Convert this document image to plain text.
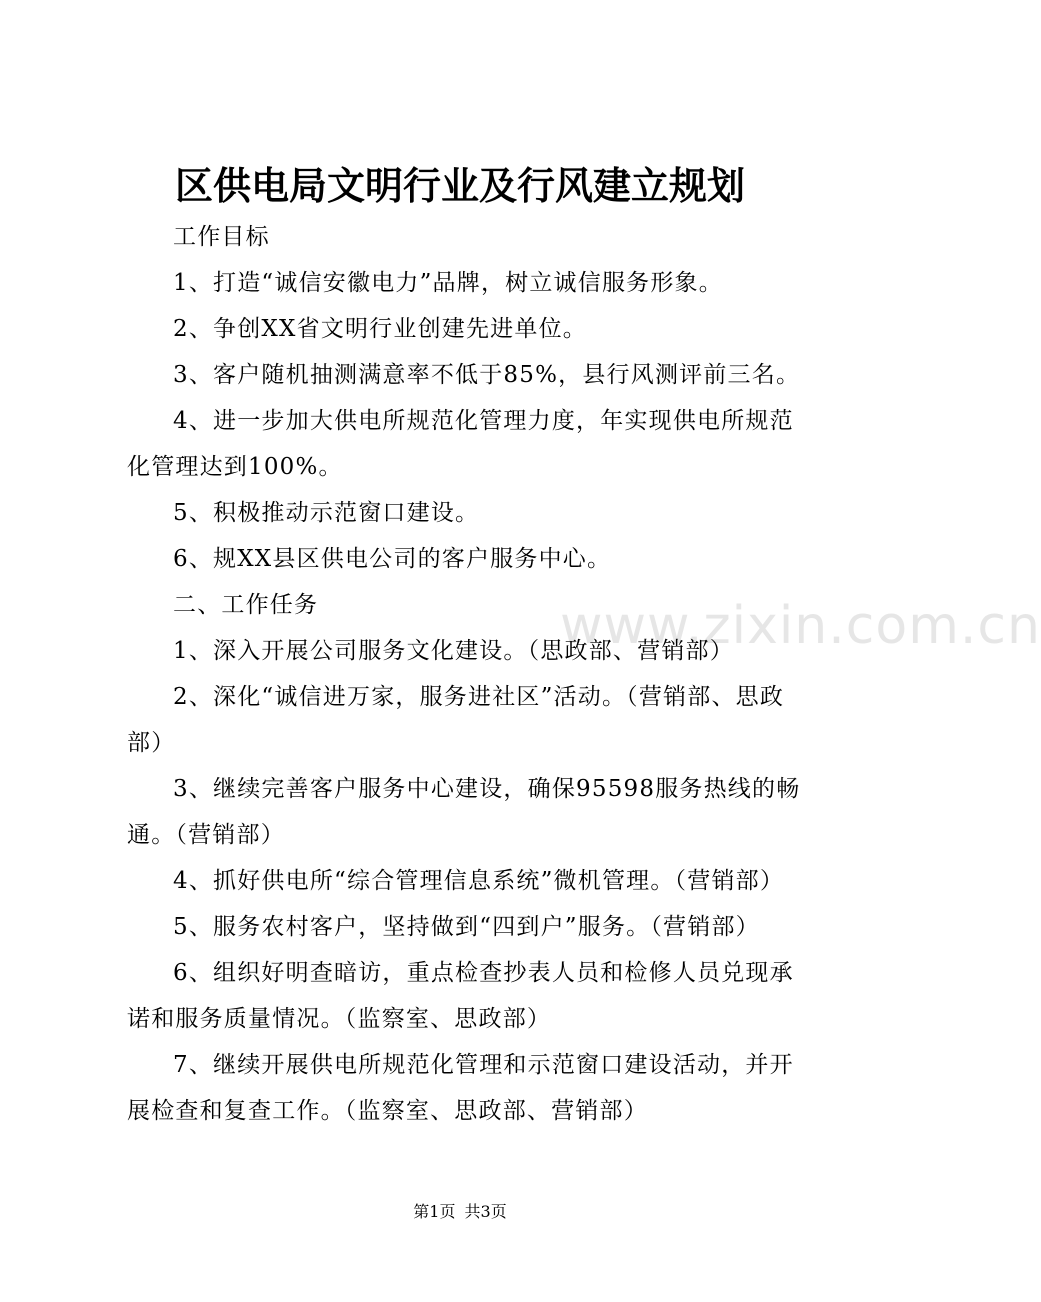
www.zixin.com.cn
区供电局文明行业及行风建立规划

工作目标

1、打造“诚信安徽电力”品牌，树立诚信服务形象。

2、争创XX省文明行业创建先进单位。

3、客户随机抽测满意率不低于85%，县行风测评前三名。

4、进一步加大供电所规范化管理力度，年实现供电所规范化管理达到100%。

5、积极推动示范窗口建设。

6、规XX县区供电公司的客户服务中心。

二、工作任务

1、深入开展公司服务文化建设。（思政部、营销部）

2、深化“诚信进万家，服务进社区”活动。（营销部、思政部）

3、继续完善客户服务中心建设，确保95598服务热线的畅通。（营销部）

4、抓好供电所“综合管理信息系统”微机管理。（营销部）

5、服务农村客户，坚持做到“四到户”服务。（营销部）

6、组织好明查暗访，重点检查抄表人员和检修人员兑现承诺和服务质量情况。（监察室、思政部）

7、继续开展供电所规范化管理和示范窗口建设活动，并开展检查和复查工作。（监察室、思政部、营销部）

第1页 共3页
